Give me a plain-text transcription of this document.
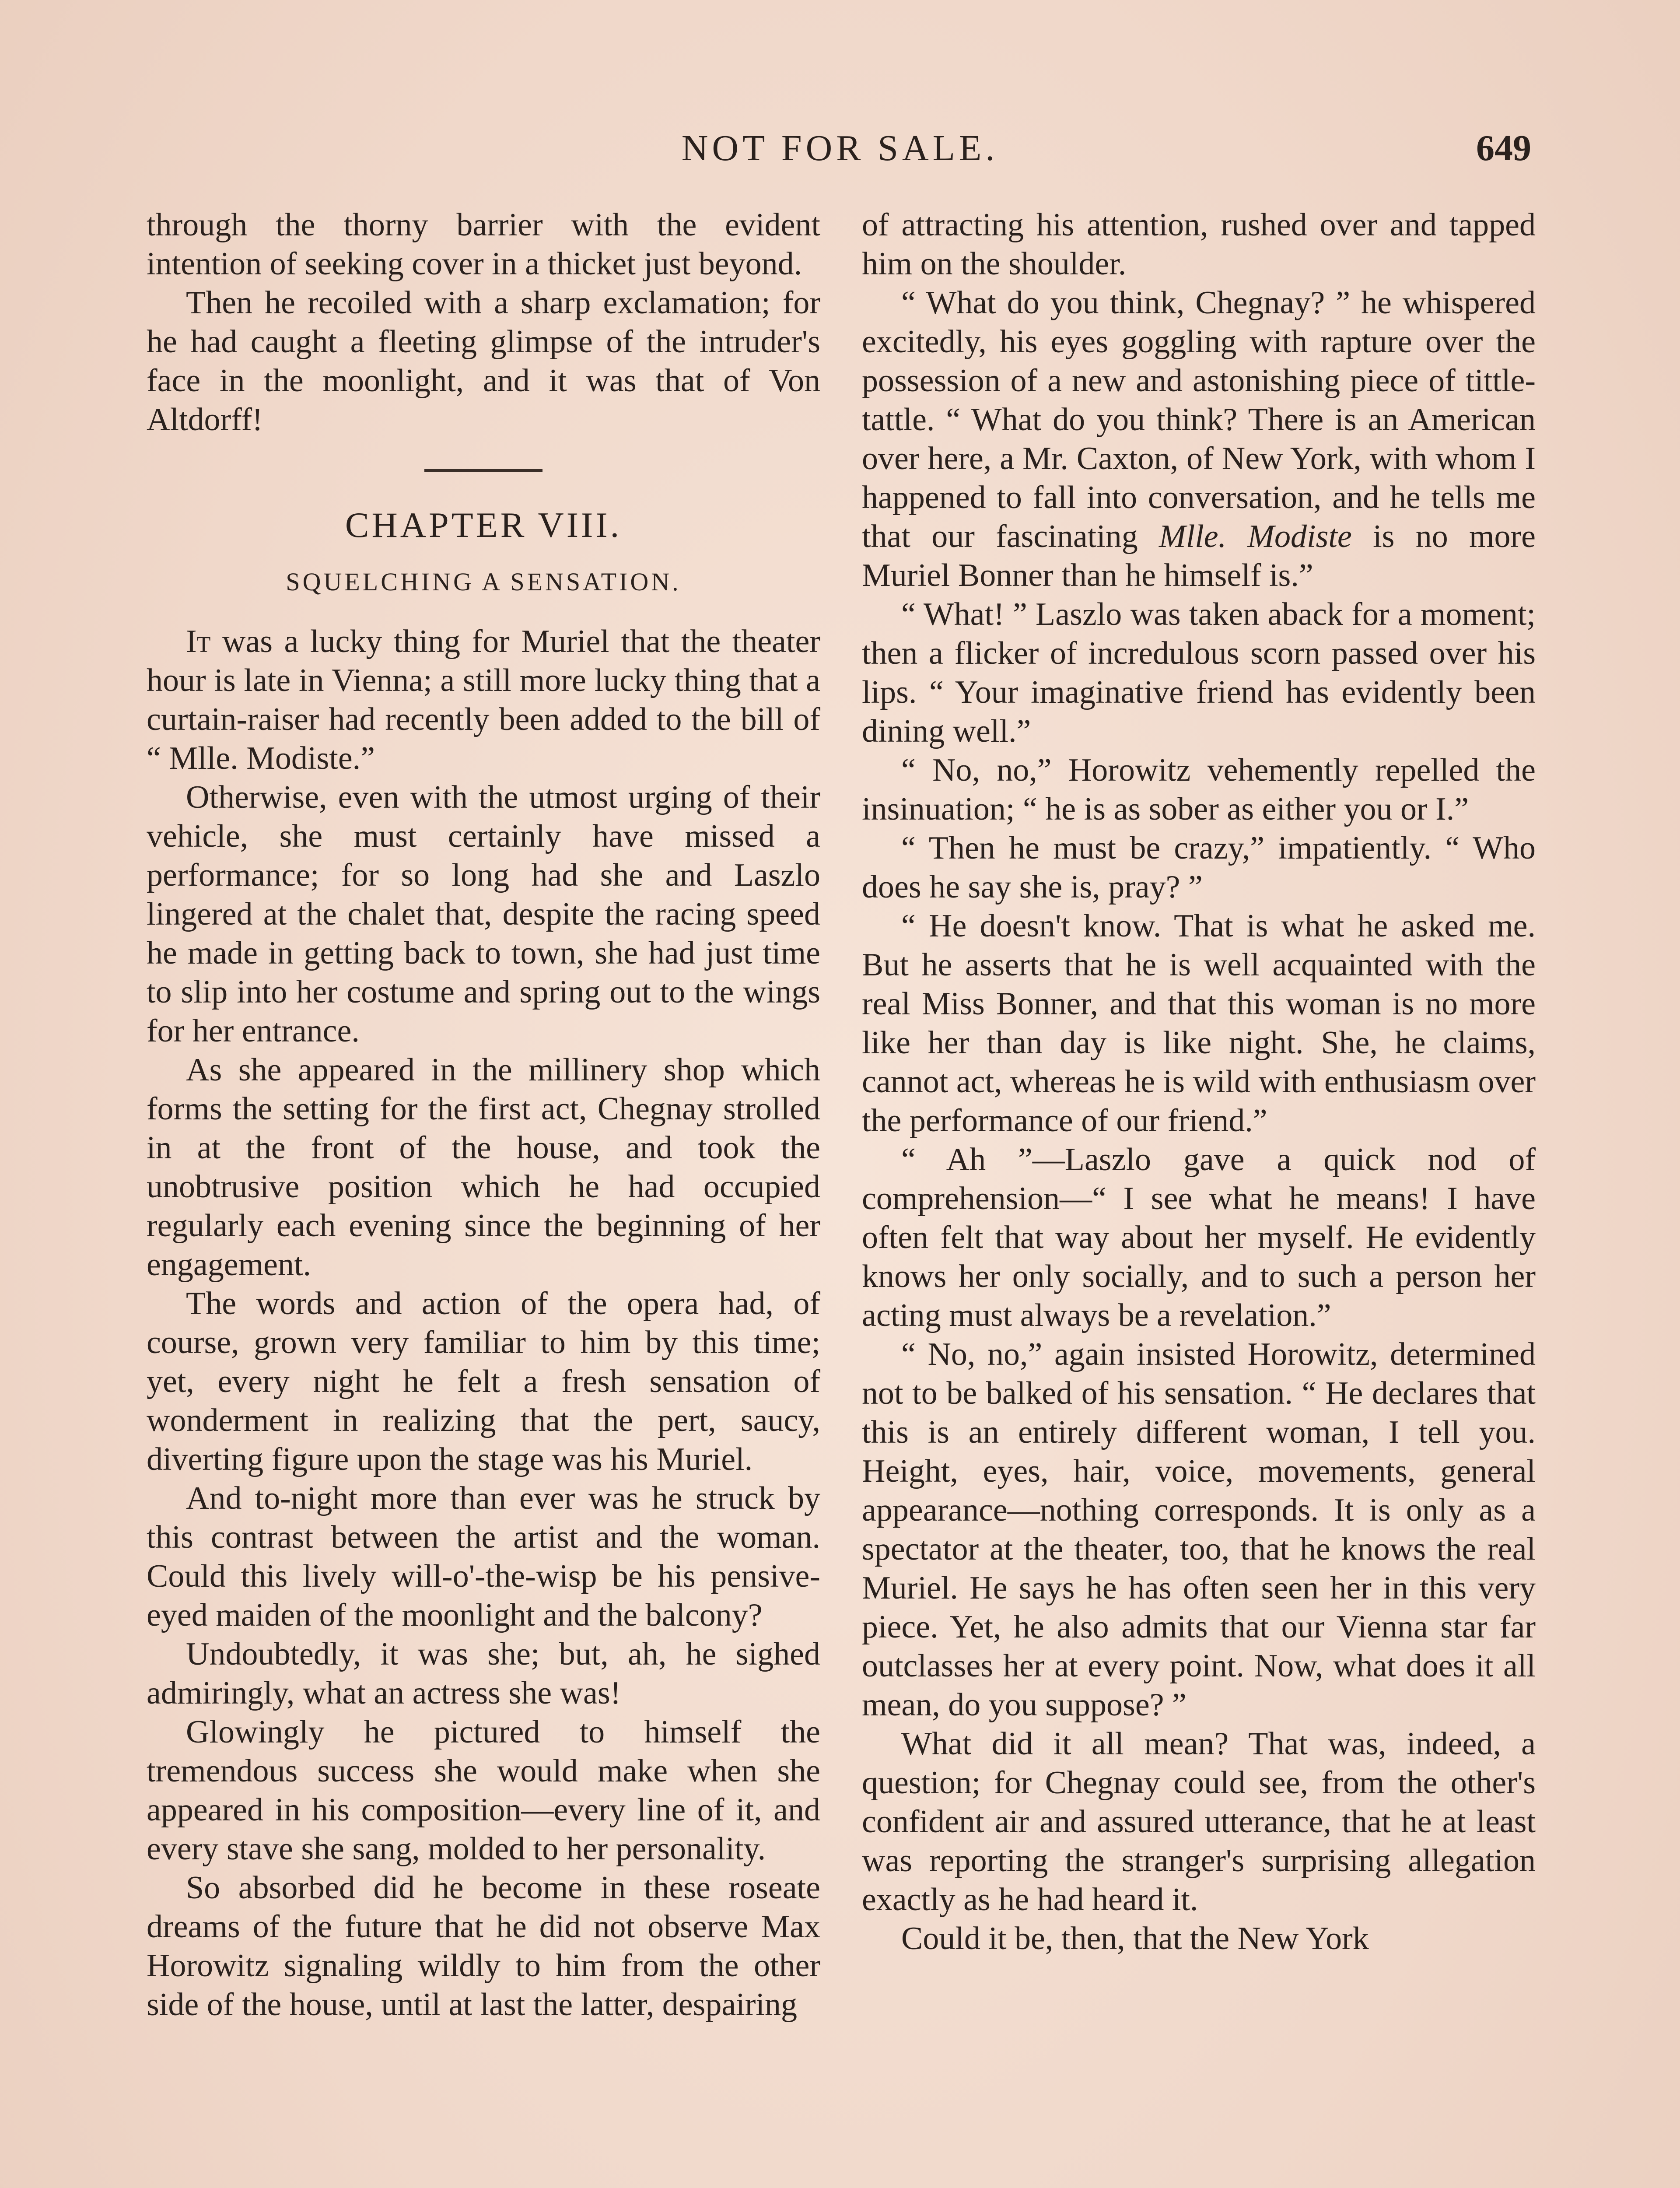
NOT FOR SALE.	649

through the thorny barrier with the evident intention of seeking cover in a thicket just beyond.

Then he recoiled with a sharp exclamation; for he had caught a fleeting glimpse of the intruder's face in the moonlight, and it was that of Von Altdorff!

CHAPTER VIII.
SQUELCHING A SENSATION.

It was a lucky thing for Muriel that the theater hour is late in Vienna; a still more lucky thing that a curtain-raiser had recently been added to the bill of “ Mlle. Modiste.”

Otherwise, even with the utmost urging of their vehicle, she must certainly have missed a performance; for so long had she and Laszlo lingered at the chalet that, despite the racing speed he made in getting back to town, she had just time to slip into her costume and spring out to the wings for her entrance.

As she appeared in the millinery shop which forms the setting for the first act, Chegnay strolled in at the front of the house, and took the unobtrusive position which he had occupied regularly each evening since the beginning of her engagement.

The words and action of the opera had, of course, grown very familiar to him by this time; yet, every night he felt a fresh sensation of wonderment in realizing that the pert, saucy, diverting figure upon the stage was his Muriel.

And to-night more than ever was he struck by this contrast between the artist and the woman. Could this lively will-o'-the-wisp be his pensive-eyed maiden of the moonlight and the balcony?

Undoubtedly, it was she; but, ah, he sighed admiringly, what an actress she was!

Glowingly he pictured to himself the tremendous success she would make when she appeared in his composition—every line of it, and every stave she sang, molded to her personality.

So absorbed did he become in these roseate dreams of the future that he did not observe Max Horowitz signaling wildly to him from the other side of the house, until at last the latter, despairing

of attracting his attention, rushed over and tapped him on the shoulder.

“ What do you think, Chegnay? ” he whispered excitedly, his eyes goggling with rapture over the possession of a new and astonishing piece of tittle-tattle. “ What do you think? There is an American over here, a Mr. Caxton, of New York, with whom I happened to fall into conversation, and he tells me that our fascinating Mlle. Modiste is no more Muriel Bonner than he himself is.”

“ What! ” Laszlo was taken aback for a moment; then a flicker of incredulous scorn passed over his lips. “ Your imaginative friend has evidently been dining well.”

“ No, no,” Horowitz vehemently repelled the insinuation; “ he is as sober as either you or I.”

“ Then he must be crazy,” impatiently. “ Who does he say she is, pray? ”

“ He doesn't know. That is what he asked me. But he asserts that he is well acquainted with the real Miss Bonner, and that this woman is no more like her than day is like night. She, he claims, cannot act, whereas he is wild with enthusiasm over the performance of our friend.”

“ Ah ”—Laszlo gave a quick nod of comprehension—“ I see what he means! I have often felt that way about her myself. He evidently knows her only socially, and to such a person her acting must always be a revelation.”

“ No, no,” again insisted Horowitz, determined not to be balked of his sensation. “ He declares that this is an entirely different woman, I tell you. Height, eyes, hair, voice, movements, general appearance—nothing corresponds. It is only as a spectator at the theater, too, that he knows the real Muriel. He says he has often seen her in this very piece. Yet, he also admits that our Vienna star far outclasses her at every point. Now, what does it all mean, do you suppose? ”

What did it all mean? That was, indeed, a question; for Chegnay could see, from the other's confident air and assured utterance, that he at least was reporting the stranger's surprising allegation exactly as he had heard it.

Could it be, then, that the New York
